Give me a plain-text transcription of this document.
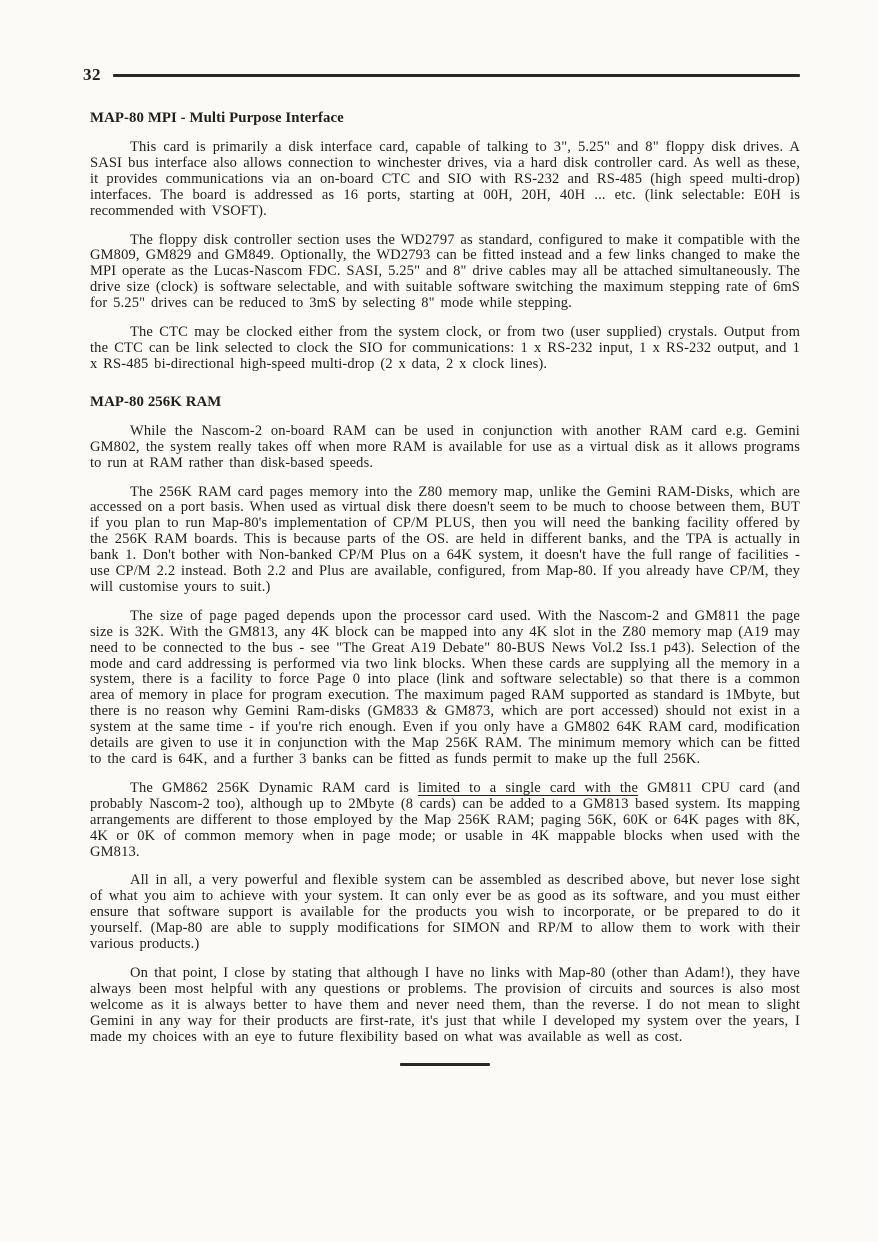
32
MAP-80 MPI - Multi Purpose Interface

This card is primarily a disk interface card, capable of talking to 3", 5.25" and 8" floppy disk drives. A SASI bus interface also allows connection to winchester drives, via a hard disk controller card. As well as these, it provides communications via an on-board CTC and SIO with RS-232 and RS-485 (high speed multi-drop) interfaces. The board is addressed as 16 ports, starting at 00H, 20H, 40H ... etc. (link selectable: E0H is recommended with VSOFT).

The floppy disk controller section uses the WD2797 as standard, configured to make it compatible with the GM809, GM829 and GM849. Optionally, the WD2793 can be fitted instead and a few links changed to make the MPI operate as the Lucas-Nascom FDC. SASI, 5.25" and 8" drive cables may all be attached simultaneously. The drive size (clock) is software selectable, and with suitable software switching the maximum stepping rate of 6mS for 5.25" drives can be reduced to 3mS by selecting 8" mode while stepping.

The CTC may be clocked either from the system clock, or from two (user supplied) crystals. Output from the CTC can be link selected to clock the SIO for communications: 1 x RS-232 input, 1 x RS-232 output, and 1 x RS-485 bi-directional high-speed multi-drop (2 x data, 2 x clock lines).

MAP-80 256K RAM

While the Nascom-2 on-board RAM can be used in conjunction with another RAM card e.g. Gemini GM802, the system really takes off when more RAM is available for use as a virtual disk as it allows programs to run at RAM rather than disk-based speeds.

The 256K RAM card pages memory into the Z80 memory map, unlike the Gemini RAM-Disks, which are accessed on a port basis. When used as virtual disk there doesn't seem to be much to choose between them, BUT if you plan to run Map-80's implementation of CP/M PLUS, then you will need the banking facility offered by the 256K RAM boards. This is because parts of the OS. are held in different banks, and the TPA is actually in bank 1. Don't bother with Non-banked CP/M Plus on a 64K system, it doesn't have the full range of facilities - use CP/M 2.2 instead. Both 2.2 and Plus are available, configured, from Map-80. If you already have CP/M, they will customise yours to suit.)

The size of page paged depends upon the processor card used. With the Nascom-2 and GM811 the page size is 32K. With the GM813, any 4K block can be mapped into any 4K slot in the Z80 memory map (A19 may need to be connected to the bus - see "The Great A19 Debate" 80-BUS News Vol.2 Iss.1 p43). Selection of the mode and card addressing is performed via two link blocks. When these cards are supplying all the memory in a system, there is a facility to force Page 0 into place (link and software selectable) so that there is a common area of memory in place for program execution. The maximum paged RAM supported as standard is 1Mbyte, but there is no reason why Gemini Ram-disks (GM833 & GM873, which are port accessed) should not exist in a system at the same time - if you're rich enough. Even if you only have a GM802 64K RAM card, modification details are given to use it in conjunction with the Map 256K RAM. The minimum memory which can be fitted to the card is 64K, and a further 3 banks can be fitted as funds permit to make up the full 256K.

The GM862 256K Dynamic RAM card is limited to a single card with the GM811 CPU card (and probably Nascom-2 too), although up to 2Mbyte (8 cards) can be added to a GM813 based system. Its mapping arrangements are different to those employed by the Map 256K RAM; paging 56K, 60K or 64K pages with 8K, 4K or 0K of common memory when in page mode; or usable in 4K mappable blocks when used with the GM813.

All in all, a very powerful and flexible system can be assembled as described above, but never lose sight of what you aim to achieve with your system. It can only ever be as good as its software, and you must either ensure that software support is available for the products you wish to incorporate, or be prepared to do it yourself. (Map-80 are able to supply modifications for SIMON and RP/M to allow them to work with their various products.)

On that point, I close by stating that although I have no links with Map-80 (other than Adam!), they have always been most helpful with any questions or problems. The provision of circuits and sources is also most welcome as it is always better to have them and never need them, than the reverse. I do not mean to slight Gemini in any way for their products are first-rate, it's just that while I developed my system over the years, I made my choices with an eye to future flexibility based on what was available as well as cost.
